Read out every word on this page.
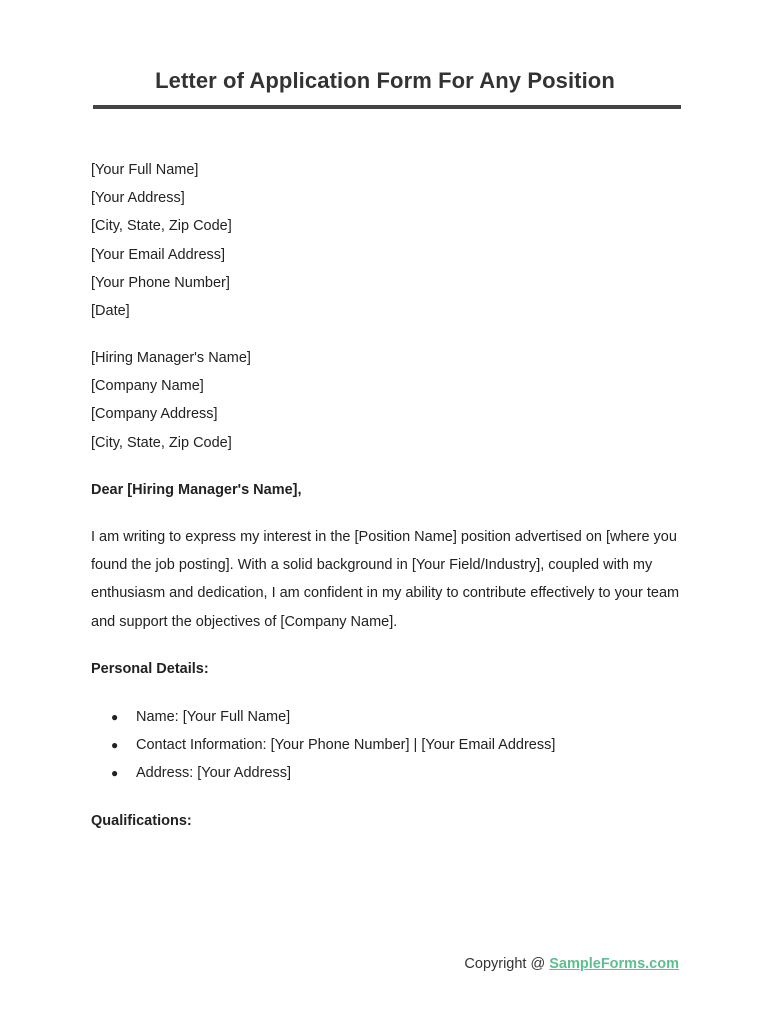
Letter of Application Form For Any Position
[Your Full Name]
[Your Address]
[City, State, Zip Code]
[Your Email Address]
[Your Phone Number]
[Date]
[Hiring Manager's Name]
[Company Name]
[Company Address]
[City, State, Zip Code]
Dear [Hiring Manager's Name],
I am writing to express my interest in the [Position Name] position advertised on [where you found the job posting]. With a solid background in [Your Field/Industry], coupled with my enthusiasm and dedication, I am confident in my ability to contribute effectively to your team and support the objectives of [Company Name].
Personal Details:
● Name: [Your Full Name]
● Contact Information: [Your Phone Number] | [Your Email Address]
● Address: [Your Address]
Qualifications:
Copyright @ SampleForms.com
